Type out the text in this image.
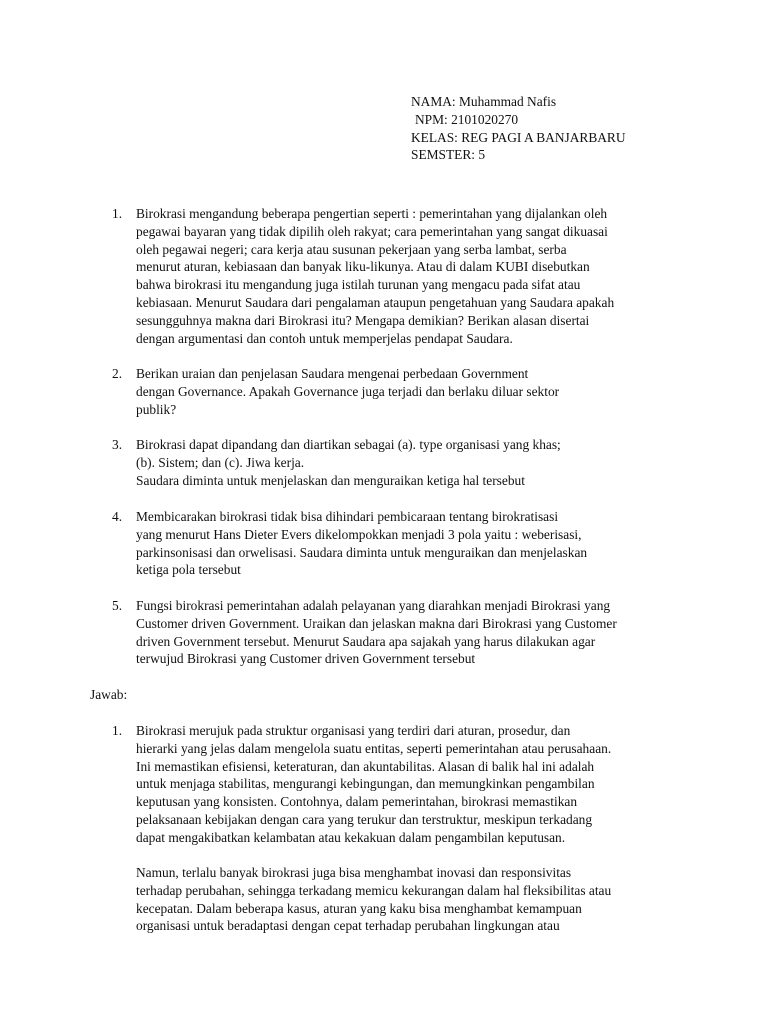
NAMA: Muhammad Nafis
NPM: 2101020270
KELAS: REG PAGI A BANJARBARU
SEMSTER: 5
1. Birokrasi mengandung beberapa pengertian seperti : pemerintahan yang dijalankan oleh
pegawai bayaran yang tidak dipilih oleh rakyat; cara pemerintahan yang sangat dikuasai
oleh pegawai negeri; cara kerja atau susunan pekerjaan yang serba lambat, serba
menurut aturan, kebiasaan dan banyak liku-likunya. Atau di dalam KUBI disebutkan
bahwa birokrasi itu mengandung juga istilah turunan yang mengacu pada sifat atau
kebiasaan. Menurut Saudara dari pengalaman ataupun pengetahuan yang Saudara apakah
sesungguhnya makna dari Birokrasi itu? Mengapa demikian? Berikan alasan disertai
dengan argumentasi dan contoh untuk memperjelas pendapat Saudara.
2. Berikan uraian dan penjelasan Saudara mengenai perbedaan Government
dengan Governance. Apakah Governance juga terjadi dan berlaku diluar sektor
publik?
3. Birokrasi dapat dipandang dan diartikan sebagai (a). type organisasi yang khas;
(b). Sistem; dan (c). Jiwa kerja.
Saudara diminta untuk menjelaskan dan menguraikan ketiga hal tersebut
4. Membicarakan birokrasi tidak bisa dihindari pembicaraan tentang birokratisasi
yang menurut Hans Dieter Evers dikelompokkan menjadi 3 pola yaitu : weberisasi,
parkinsonisasi dan orwelisasi. Saudara diminta untuk menguraikan dan menjelaskan
ketiga pola tersebut
5. Fungsi birokrasi pemerintahan adalah pelayanan yang diarahkan menjadi Birokrasi yang
Customer driven Government. Uraikan dan jelaskan makna dari Birokrasi yang Customer
driven Government tersebut. Menurut Saudara apa sajakah yang harus dilakukan agar
terwujud Birokrasi yang Customer driven Government tersebut
Jawab:
1. Birokrasi merujuk pada struktur organisasi yang terdiri dari aturan, prosedur, dan
hierarki yang jelas dalam mengelola suatu entitas, seperti pemerintahan atau perusahaan.
Ini memastikan efisiensi, keteraturan, dan akuntabilitas. Alasan di balik hal ini adalah
untuk menjaga stabilitas, mengurangi kebingungan, dan memungkinkan pengambilan
keputusan yang konsisten. Contohnya, dalam pemerintahan, birokrasi memastikan
pelaksanaan kebijakan dengan cara yang terukur dan terstruktur, meskipun terkadang
dapat mengakibatkan kelambatan atau kekakuan dalam pengambilan keputusan.
Namun, terlalu banyak birokrasi juga bisa menghambat inovasi dan responsivitas
terhadap perubahan, sehingga terkadang memicu kekurangan dalam hal fleksibilitas atau
kecepatan. Dalam beberapa kasus, aturan yang kaku bisa menghambat kemampuan
organisasi untuk beradaptasi dengan cepat terhadap perubahan lingkungan atau
